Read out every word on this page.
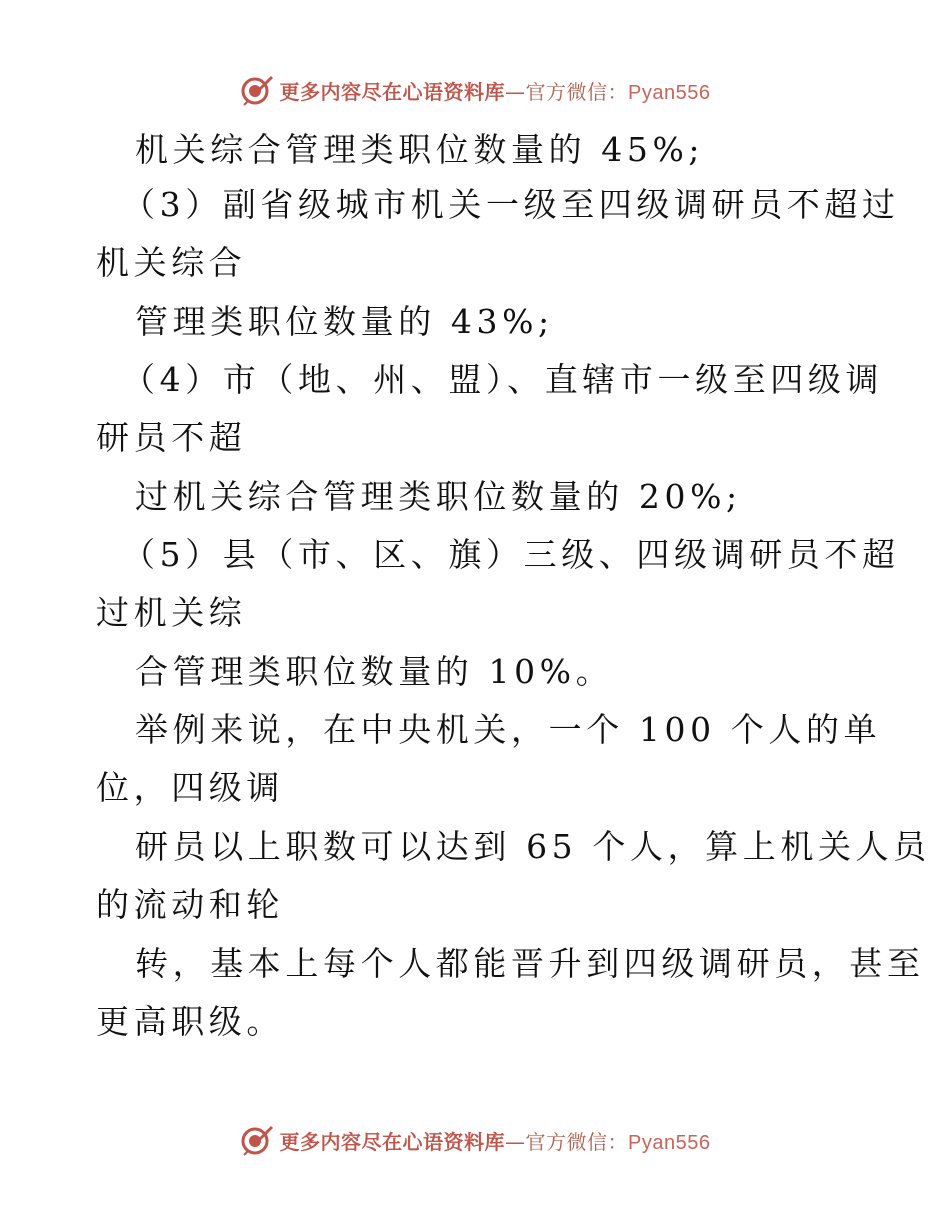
更多内容尽在心语资料库—官方微信：Pyan556
机关综合管理类职位数量的 45%;
（3）副省级城市机关一级至四级调研员不超过
机关综合
管理类职位数量的 43%;
（4）市（地、州、盟）、直辖市一级至四级调
研员不超
过机关综合管理类职位数量的 20%;
（5）县（市、区、旗）三级、四级调研员不超
过机关综
合管理类职位数量的 10%。
举例来说，在中央机关，一个 100 个人的单
位，四级调
研员以上职数可以达到 65 个人，算上机关人员
的流动和轮
转，基本上每个人都能晋升到四级调研员，甚至
更高职级。
更多内容尽在心语资料库—官方微信：Pyan556
